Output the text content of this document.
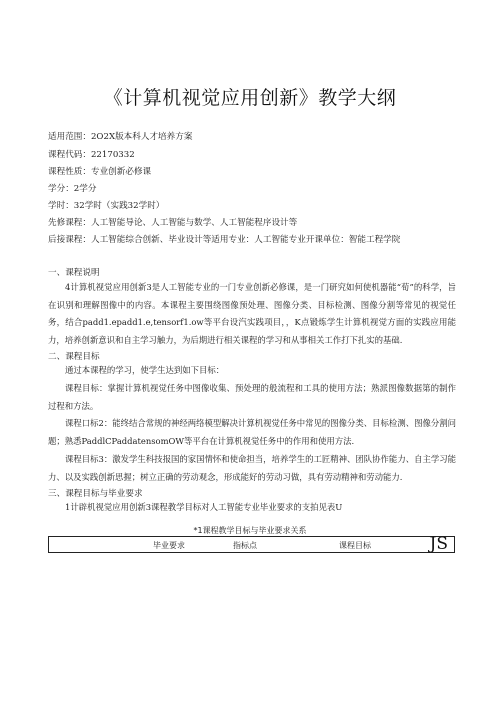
《计算机视觉应用创新》教学大纲
适用范围：2O2X版本科人才培养方案
课程代码：22170332
课程性质：专业创新必修课
学分：2学分
学时：32学时（实践32学时）
先修课程：人工智能导论、人工智能与数学、人工智能程序设计等
后接课程：人工智能综合创新、毕业设计等适用专业：人工智能专业开课单位：智能工程学院
一、课程说明
4计算机视觉应用创新3是人工智能专业的一门专业创新必修课，是一门研究如何使机器能“荀”的科学，旨在识别和理解图像中的内容。本课程主要围绕图像预处理、图像分类、目标检测、图像分割等常见的视觉任务，结合padd1.epadd1.e,tensorf1.ow等平台设汽实践项目，，K点锻炼学生计算机视觉方面的实践应用能力，培养创新意识和自主学习触力，为后期进行相关课程的学习和从事相关工作打下扎实的基础.
二、课程目标
通过本课程的学习，使学生达到如下目标：
课程目标：掌握计算机视觉任务中图像收集、预处理的般流程和工具的使用方法；熟派图像数据第的制作过程和方法。
课程口标2：能终结合常规的神经两络模型解决计算机视觉任务中常见的图像分类、目标检测、图像分割问题；熟悉PaddlCPaddatensomOW等平台在计算机视觉任务中的作用和使用方法.
课程目标3：激发学生科技报国的家国情怀和使命担当，培养学生的工匠精神、团队协作能力、自主学习能力、以及实践创新思握；树立正确的劳动观念，形成能好的劳动习做，具有劳动精神和劳动能力.
三、课程目标与毕业要求
1计辟机视觉应用创新3课程教学目标对人工智能专业毕业要求的支拍见表U
*1课程教学目标与毕业要求关系
毕业要求	指标点	课程目标	JS
